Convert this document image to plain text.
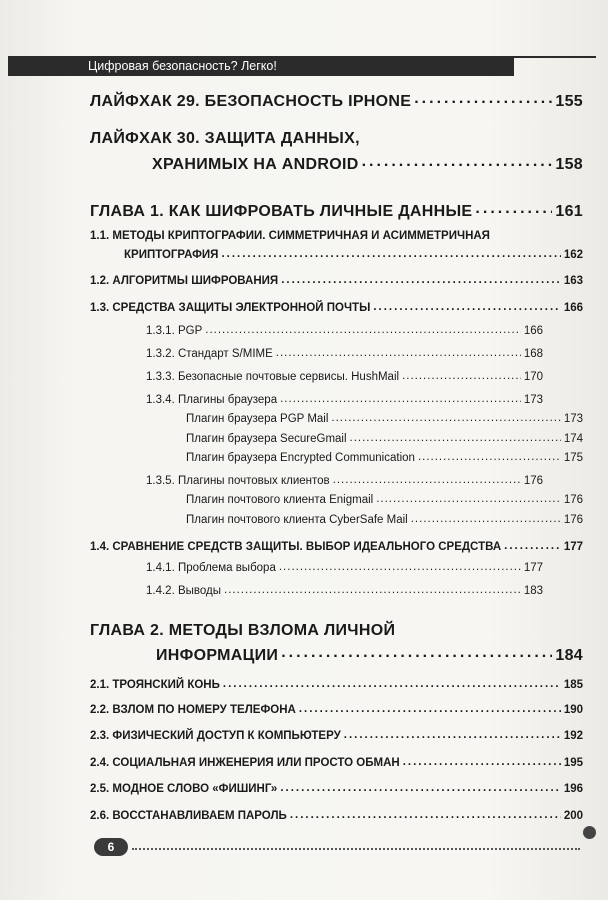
Цифровая безопасность? Легко!
ЛАЙФХАК 29. БЕЗОПАСНОСТЬ IPHONE .....	155
ЛАЙФХАК 30. ЗАЩИТА ДАННЫХ,
ХРАНИМЫХ НА ANDROID .....	158
ГЛАВА 1. КАК ШИФРОВАТЬ ЛИЧНЫЕ ДАННЫЕ .....	161
1.1. МЕТОДЫ КРИПТОГРАФИИ. СИММЕТРИЧНАЯ И АСИММЕТРИЧНАЯ
КРИПТОГРАФИЯ .....	162
1.2. АЛГОРИТМЫ ШИФРОВАНИЯ .....	163
1.3. СРЕДСТВА ЗАЩИТЫ ЭЛЕКТРОННОЙ ПОЧТЫ .....	166
1.3.1. PGP .....	166
1.3.2. Стандарт S/MIME .....	168
1.3.3. Безопасные почтовые сервисы. HushMail .....	170
1.3.4. Плагины браузера .....	173
Плагин браузера PGP Mail .....	173
Плагин браузера SecureGmail .....	174
Плагин браузера Encrypted Communication .....	175
1.3.5. Плагины почтовых клиентов .....	176
Плагин почтового клиента Enigmail .....	176
Плагин почтового клиента CyberSafe Mail .....	176
1.4. СРАВНЕНИЕ СРЕДСТВ ЗАЩИТЫ. ВЫБОР ИДЕАЛЬНОГО СРЕДСТВА .....	177
1.4.1. Проблема выбора .....	177
1.4.2. Выводы .....	183
ГЛАВА 2. МЕТОДЫ ВЗЛОМА ЛИЧНОЙ
ИНФОРМАЦИИ .....	184
2.1. ТРОЯНСКИЙ КОНЬ .....	185
2.2. ВЗЛОМ ПО НОМЕРУ ТЕЛЕФОНА .....	190
2.3. ФИЗИЧЕСКИЙ ДОСТУП К КОМПЬЮТЕРУ .....	192
2.4. СОЦИАЛЬНАЯ ИНЖЕНЕРИЯ ИЛИ ПРОСТО ОБМАН .....	195
2.5. МОДНОЕ СЛОВО «ФИШИНГ» .....	196
2.6. ВОССТАНАВЛИВАЕМ ПАРОЛЬ .....	200
6
